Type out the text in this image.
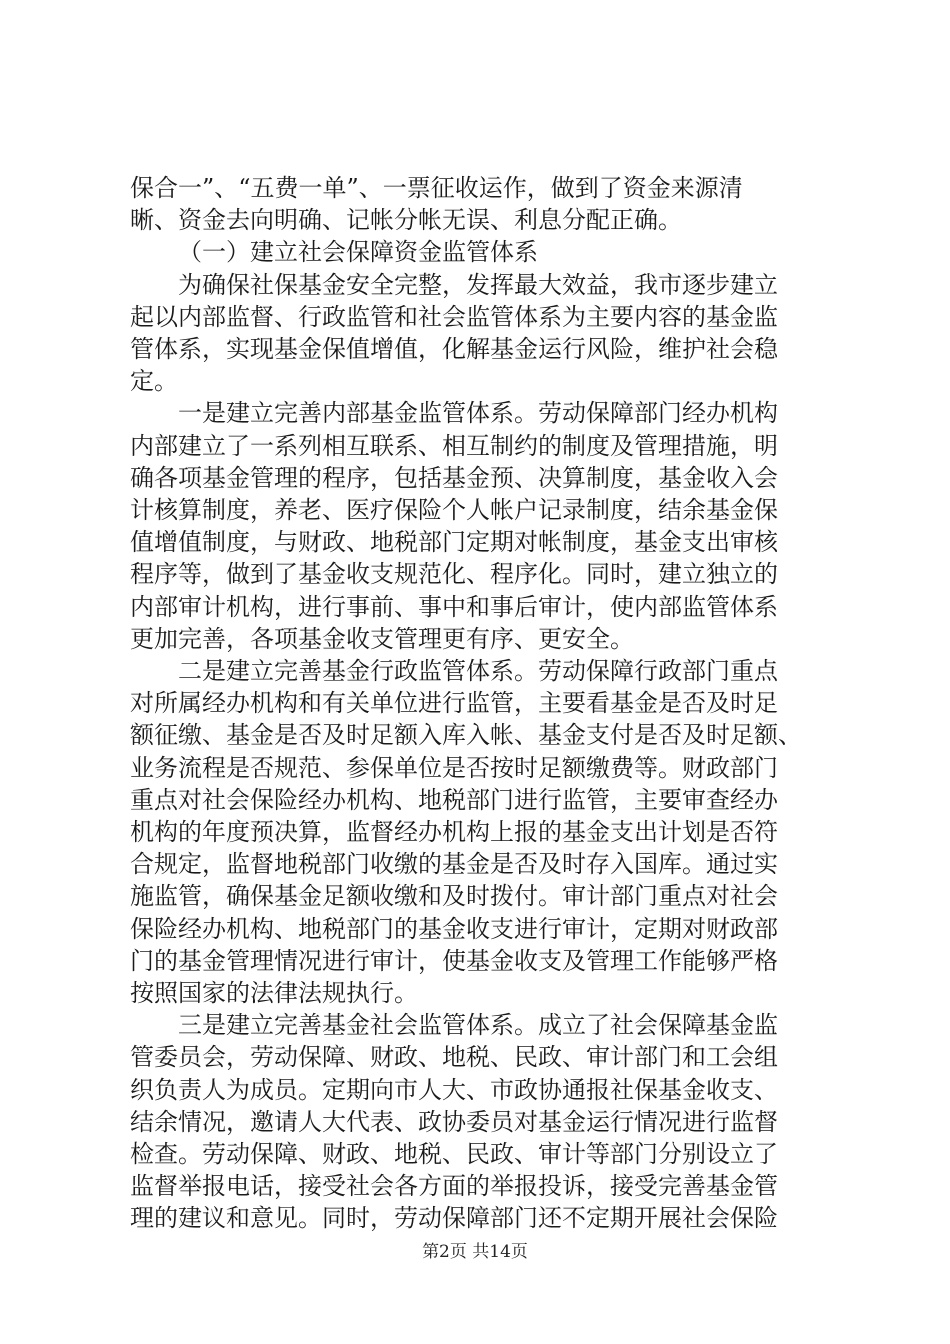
保合一”、“五费一单”、一票征收运作，做到了资金来源清
晰、资金去向明确、记帐分帐无误、利息分配正确。
（一）建立社会保障资金监管体系
为确保社保基金安全完整，发挥最大效益，我市逐步建立
起以内部监督、行政监管和社会监管体系为主要内容的基金监
管体系，实现基金保值增值，化解基金运行风险，维护社会稳
定。
一是建立完善内部基金监管体系。劳动保障部门经办机构
内部建立了一系列相互联系、相互制约的制度及管理措施，明
确各项基金管理的程序，包括基金预、决算制度，基金收入会
计核算制度，养老、医疗保险个人帐户记录制度，结余基金保
值增值制度，与财政、地税部门定期对帐制度，基金支出审核
程序等，做到了基金收支规范化、程序化。同时，建立独立的
内部审计机构，进行事前、事中和事后审计，使内部监管体系
更加完善，各项基金收支管理更有序、更安全。
二是建立完善基金行政监管体系。劳动保障行政部门重点
对所属经办机构和有关单位进行监管，主要看基金是否及时足
额征缴、基金是否及时足额入库入帐、基金支付是否及时足额、
业务流程是否规范、参保单位是否按时足额缴费等。财政部门
重点对社会保险经办机构、地税部门进行监管，主要审查经办
机构的年度预决算，监督经办机构上报的基金支出计划是否符
合规定，监督地税部门收缴的基金是否及时存入国库。通过实
施监管，确保基金足额收缴和及时拨付。审计部门重点对社会
保险经办机构、地税部门的基金收支进行审计，定期对财政部
门的基金管理情况进行审计，使基金收支及管理工作能够严格
按照国家的法律法规执行。
三是建立完善基金社会监管体系。成立了社会保障基金监
管委员会，劳动保障、财政、地税、民政、审计部门和工会组
织负责人为成员。定期向市人大、市政协通报社保基金收支、
结余情况，邀请人大代表、政协委员对基金运行情况进行监督
检查。劳动保障、财政、地税、民政、审计等部门分别设立了
监督举报电话，接受社会各方面的举报投诉，接受完善基金管
理的建议和意见。同时，劳动保障部门还不定期开展社会保险
第2页 共14页
